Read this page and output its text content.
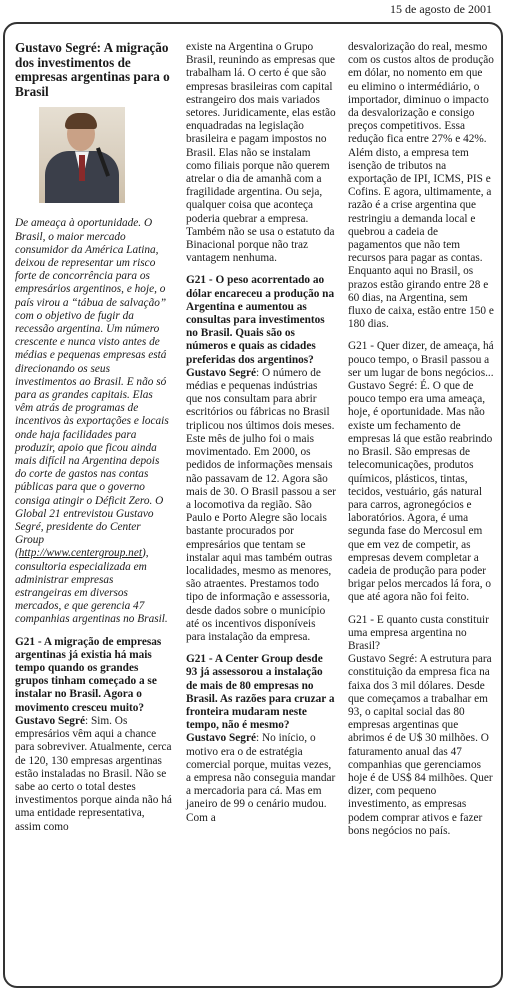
15 de agosto de 2001
Gustavo Segré: A migração dos investimentos de empresas argentinas para o Brasil

De ameaça à oportunidade. O Brasil, o maior mercado consumidor da América Latina, deixou de representar um risco forte de concorrência para os empresários argentinos, e hoje, o país virou a “tábua de salvação” com o objetivo de fugir da recessão argentina. Um número crescente e nunca visto antes de médias e pequenas empresas está direcionando os seus investimentos ao Brasil. E não só para as grandes capitais. Elas vêm atrás de programas de incentivos às exportações e locais onde haja facilidades para produzir, apoio que ficou ainda mais difícil na Argentina depois do corte de gastos nas contas públicas para que o governo consiga atingir o Déficit Zero. O Global 21 entrevistou Gustavo Segré, presidente do Center Group (http://www.centergroup.net), consultoria especializada em administrar empresas estrangeiras em diversos mercados, e que gerencia 47 companhias argentinas no Brasil.

G21 - A migração de empresas argentinas já existia há mais tempo quando os grandes grupos tinham começado a se instalar no Brasil. Agora o movimento cresceu muito?
Gustavo Segré: Sim. Os empresários vêm aqui a chance para sobreviver. Atualmente, cerca de 120, 130 empresas argentinas estão instaladas no Brasil. Não se sabe ao certo o total destes investimentos porque ainda não há uma entidade representativa, assim como

existe na Argentina o Grupo Brasil, reunindo as empresas que trabalham lá. O certo é que são empresas brasileiras com capital estrangeiro dos mais variados setores. Juridicamente, elas estão enquadradas na legislação brasileira e pagam impostos no Brasil. Elas não se instalam como filiais porque não querem atrelar o dia de amanhã com a fragilidade argentina. Ou seja, qualquer coisa que aconteça poderia quebrar a empresa. Também não se usa o estatuto da Binacional porque não traz vantagem nenhuma.

G21 - O peso acorrentado ao dólar encareceu a produção na Argentina e aumentou as consultas para investimentos no Brasil. Quais são os números e quais as cidades preferidas dos argentinos?
Gustavo Segré: O número de médias e pequenas indústrias que nos consultam para abrir escritórios ou fábricas no Brasil triplicou nos últimos dois meses. Este mês de julho foi o mais movimentado. Em 2000, os pedidos de informações mensais não passavam de 12. Agora são mais de 30. O Brasil passou a ser a locomotiva da região. São Paulo e Porto Alegre são locais bastante procurados por empresários que tentam se instalar aqui mas também outras localidades, mesmo as menores, são atraentes. Prestamos todo tipo de informação e assessoria, desde dados sobre o município até os incentivos disponíveis para instalação da empresa.

G21 - A Center Group desde 93 já assessorou a instalação de mais de 80 empresas no Brasil. As razões para cruzar a fronteira mudaram neste tempo, não é mesmo?
Gustavo Segré: No início, o motivo era o de estratégia comercial porque, muitas vezes, a empresa não conseguia mandar a mercadoria para cá. Mas em janeiro de 99 o cenário mudou. Com a

desvalorização do real, mesmo com os custos altos de produção em dólar, no nomento em que eu elimino o intermédiário, o importador, diminuo o impacto da desvalorização e consigo preços competitivos. Essa redução fica entre 27% e 42%. Além disto, a empresa tem isenção de tributos na exportação de IPI, ICMS, PIS e Cofins. E agora, ultimamente, a razão é a crise argentina que restringiu a demanda local e quebrou a cadeia de pagamentos que não tem recursos para pagar as contas. Enquanto aqui no Brasil, os prazos estão girando entre 28 e 60 dias, na Argentina, sem fluxo de caixa, estão entre 150 e 180 dias.

G21 - Quer dizer, de ameaça, há pouco tempo, o Brasil passou a ser um lugar de bons negócios...
Gustavo Segré: É. O que de pouco tempo era uma ameaça, hoje, é oportunidade. Mas não existe um fechamento de empresas lá que estão reabrindo no Brasil. São empresas de telecomunicações, produtos químicos, plásticos, tintas, tecidos, vestuário, gás natural para carros, agronegócios e laboratórios. Agora, é uma segunda fase do Mercosul em que em vez de competir, as empresas devem completar a cadeia de produção para poder brigar pelos mercados lá fora, o que até agora não foi feito.

G21 - E quanto custa constituir uma empresa argentina no Brasil?
Gustavo Segré: A estrutura para constituição da empresa fica na faixa dos 3 mil dólares. Desde que começamos a trabalhar em 93, o capital social das 80 empresas argentinas que abrimos é de U$ 30 milhões. O faturamento anual das 47 companhias que gerenciamos hoje é de US$ 84 milhões. Quer dizer, com pequeno investimento, as empresas podem comprar ativos e fazer bons negócios no país.
